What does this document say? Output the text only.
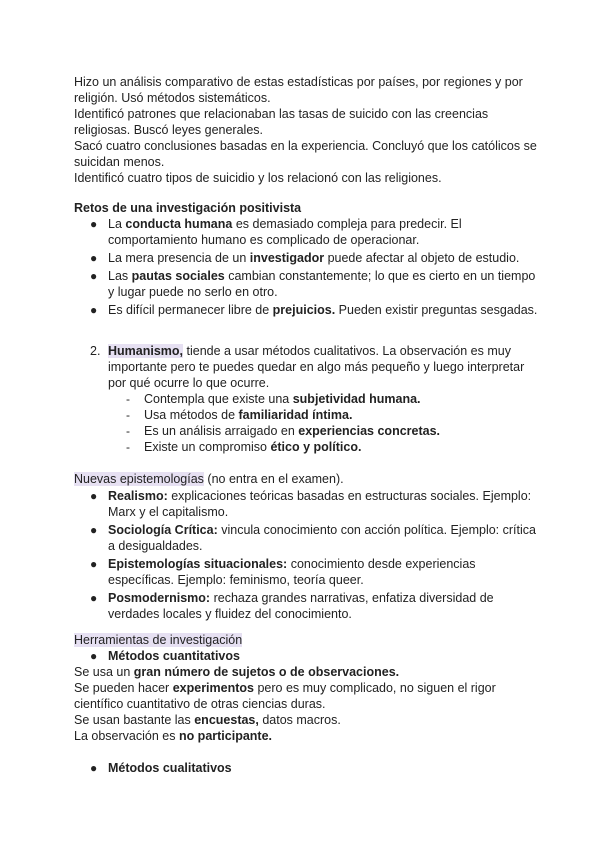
Hizo un análisis comparativo de estas estadísticas por países, por regiones y por
religión. Usó métodos sistemáticos.
Identificó patrones que relacionaban las tasas de suicido con las creencias
religiosas. Buscó leyes generales.
Sacó cuatro conclusiones basadas en la experiencia. Concluyó que los católicos se
suicidan menos.
Identificó cuatro tipos de suicidio y los relacionó con las religiones.
Retos de una investigación positivista
● La conducta humana es demasiado compleja para predecir. El
comportamiento humano es complicado de operacionar.
● La mera presencia de un investigador puede afectar al objeto de estudio.
● Las pautas sociales cambian constantemente; lo que es cierto en un tiempo
y lugar puede no serlo en otro.
● Es difícil permanecer libre de prejuicios. Pueden existir preguntas sesgadas.
2. Humanismo, tiende a usar métodos cualitativos. La observación es muy
importante pero te puedes quedar en algo más pequeño y luego interpretar
por qué ocurre lo que ocurre.
- Contempla que existe una subjetividad humana.
- Usa métodos de familiaridad íntima.
- Es un análisis arraigado en experiencias concretas.
- Existe un compromiso ético y político.
Nuevas epistemologías (no entra en el examen).
● Realismo: explicaciones teóricas basadas en estructuras sociales. Ejemplo:
Marx y el capitalismo.
● Sociología Crítica: vincula conocimiento con acción política. Ejemplo: crítica
a desigualdades.
● Epistemologías situacionales: conocimiento desde experiencias
específicas. Ejemplo: feminismo, teoría queer.
● Posmodernismo: rechaza grandes narrativas, enfatiza diversidad de
verdades locales y fluidez del conocimiento.
Herramientas de investigación
● Métodos cuantitativos
Se usa un gran número de sujetos o de observaciones.
Se pueden hacer experimentos pero es muy complicado, no siguen el rigor
científico cuantitativo de otras ciencias duras.
Se usan bastante las encuestas, datos macros.
La observación es no participante.
● Métodos cualitativos
